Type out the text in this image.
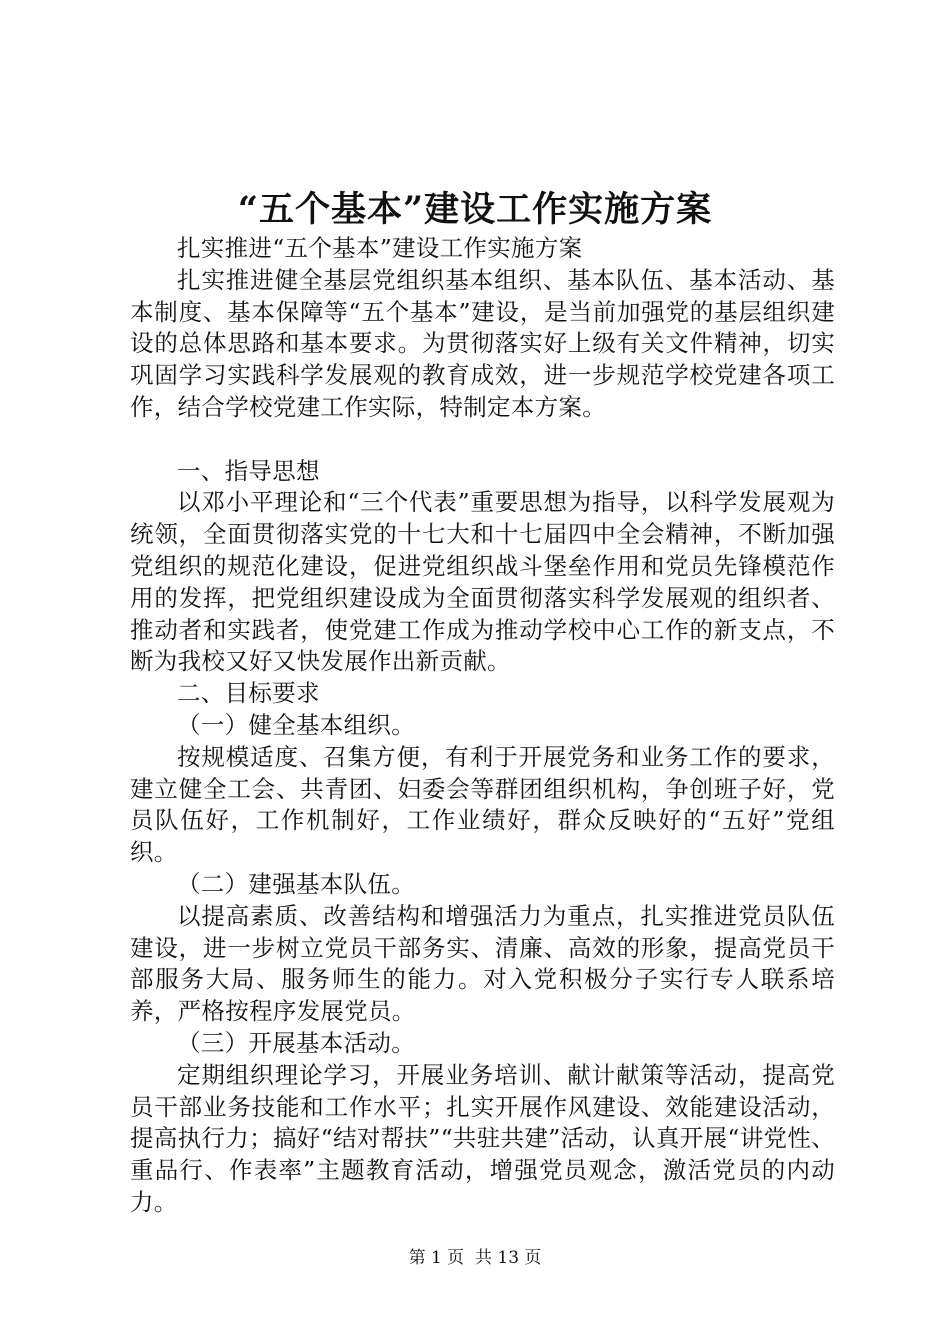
“五个基本”建设工作实施方案

扎实推进“五个基本”建设工作实施方案

扎实推进健全基层党组织基本组织、基本队伍、基本活动、基本制度、基本保障等“五个基本”建设，是当前加强党的基层组织建设的总体思路和基本要求。为贯彻落实好上级有关文件精神，切实巩固学习实践科学发展观的教育成效，进一步规范学校党建各项工作，结合学校党建工作实际，特制定本方案。

一、指导思想

以邓小平理论和“三个代表”重要思想为指导，以科学发展观为统领，全面贯彻落实党的十七大和十七届四中全会精神，不断加强党组织的规范化建设，促进党组织战斗堡垒作用和党员先锋模范作用的发挥，把党组织建设成为全面贯彻落实科学发展观的组织者、推动者和实践者，使党建工作成为推动学校中心工作的新支点，不断为我校又好又快发展作出新贡献。

二、目标要求

（一）健全基本组织。

按规模适度、召集方便，有利于开展党务和业务工作的要求，建立健全工会、共青团、妇委会等群团组织机构，争创班子好，党员队伍好，工作机制好，工作业绩好，群众反映好的“五好”党组织。

（二）建强基本队伍。

以提高素质、改善结构和增强活力为重点，扎实推进党员队伍建设，进一步树立党员干部务实、清廉、高效的形象，提高党员干部服务大局、服务师生的能力。对入党积极分子实行专人联系培养，严格按程序发展党员。

（三）开展基本活动。

定期组织理论学习，开展业务培训、献计献策等活动，提高党员干部业务技能和工作水平；扎实开展作风建设、效能建设活动，提高执行力；搞好“结对帮扶”“共驻共建”活动，认真开展“讲党性、重品行、作表率”主题教育活动，增强党员观念，激活党员的内动力。

第 1 页  共 13 页
